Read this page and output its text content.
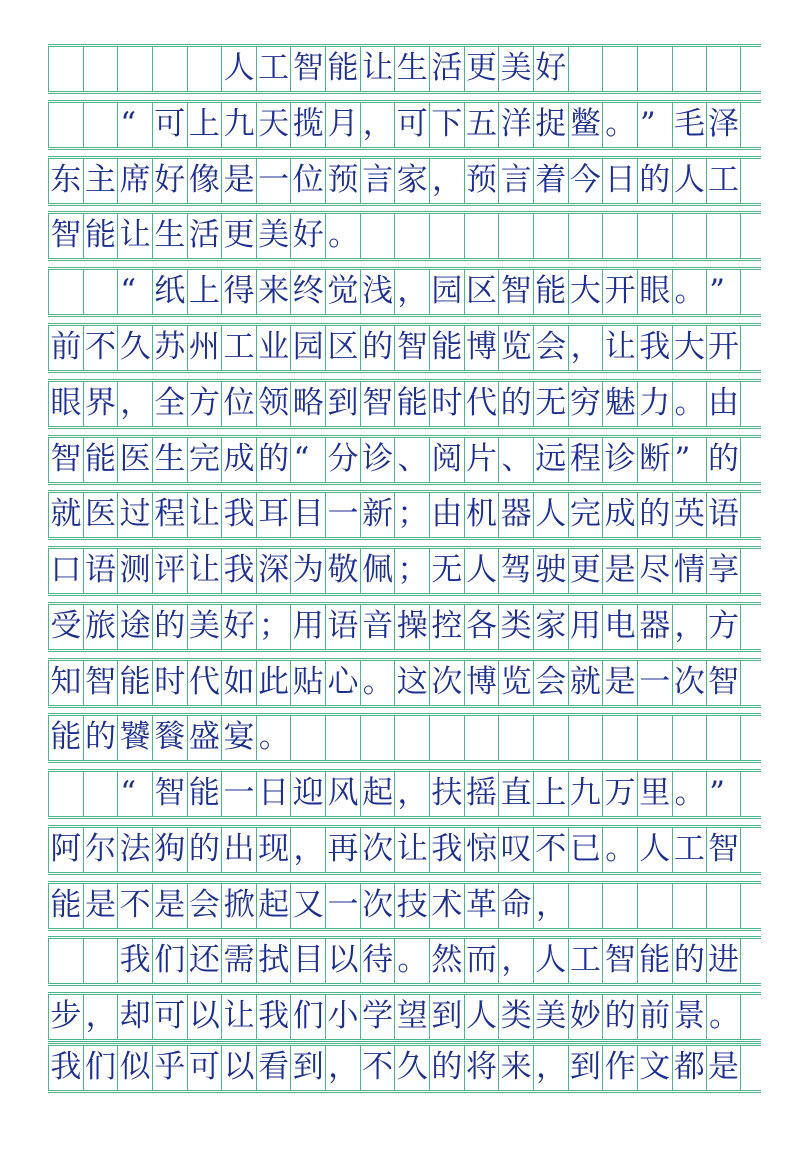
人 工 智 能 让 生 活 更 美 好
“ 可 上 九 天 揽 月 ， 可 下 五 洋 捉 鳖 。 ” 毛 泽
东 主 席 好 像 是 一 位 预 言 家 ， 预 言 着 今 日 的 人 工
智 能 让 生 活 更 美 好 。
“ 纸 上 得 来 终 觉 浅 ， 园 区 智 能 大 开 眼 。 ”
前 不 久 苏 州 工 业 园 区 的 智 能 博 览 会 ， 让 我 大 开
眼 界 ， 全 方 位 领 略 到 智 能 时 代 的 无 穷 魅 力 。 由
智 能 医 生 完 成 的 “ 分 诊 、 阅 片 、 远 程 诊 断 ” 的
就 医 过 程 让 我 耳 目 一 新 ； 由 机 器 人 完 成 的 英 语
口 语 测 评 让 我 深 为 敬 佩 ； 无 人 驾 驶 更 是 尽 情 享
受 旅 途 的 美 好 ； 用 语 音 操 控 各 类 家 用 电 器 ， 方
知 智 能 时 代 如 此 贴 心 。 这 次 博 览 会 就 是 一 次 智
能 的 饕 餮 盛 宴 。
“ 智 能 一 日 迎 风 起 ， 扶 摇 直 上 九 万 里 。 ”
阿 尔 法 狗 的 出 现 ， 再 次 让 我 惊 叹 不 已 。 人 工 智
能 是 不 是 会 掀 起 又 一 次 技 术 革 命 ，
我 们 还 需 拭 目 以 待 。 然 而 ， 人 工 智 能 的 进
步 ， 却 可 以 让 我 们 小 学 望 到 人 类 美 妙 的 前 景 。
我 们 似 乎 可 以 看 到 ， 不 久 的 将 来 ， 到 作 文 都 是
